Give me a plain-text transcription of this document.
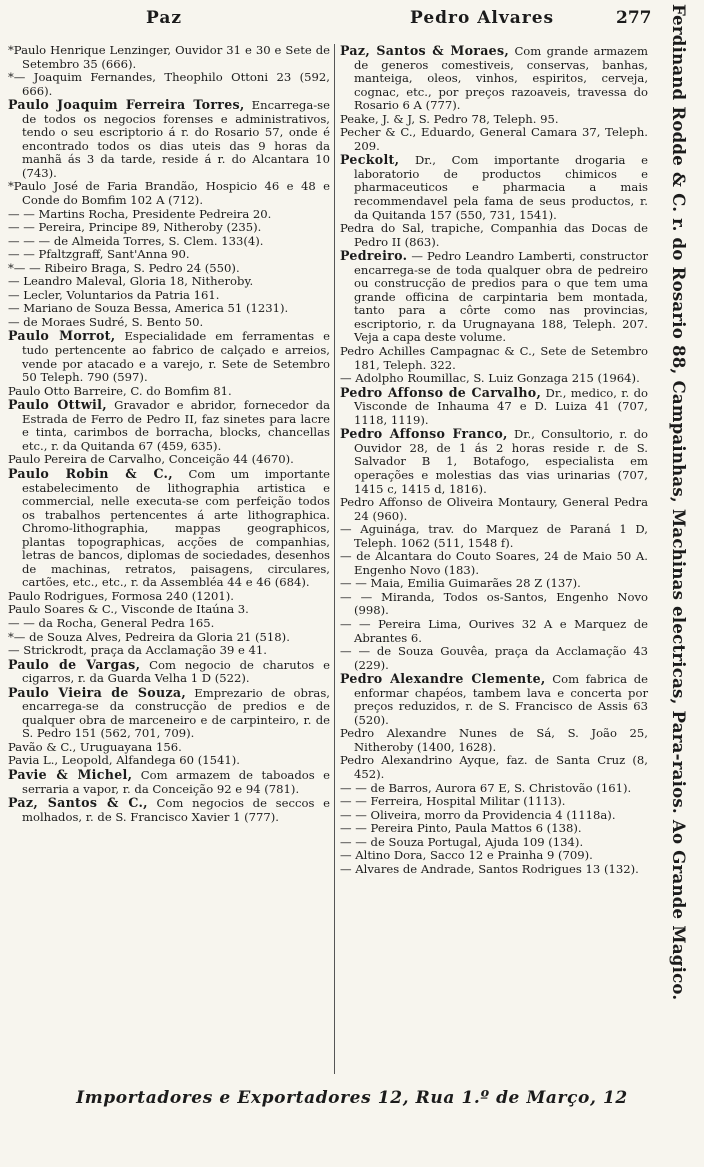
Paz	Pedro Alvares	277

*Paulo Henrique Lenzinger, Ouvidor 31 e 30 e Sete de Setembro 35 (666).

*— Joaquim Fernandes, Theophilo Ottoni 23 (592, 666).

Paulo Joaquim Ferreira Torres, Encarrega-se de todos os negocios forenses e administrativos, tendo o seu escriptorio á r. do Rosario 57, onde é encontrado todos os dias uteis das 9 horas da manhã ás 3 da tarde, reside á r. do Alcantara 10 (743).

*Paulo José de Faria Brandão, Hospicio 46 e 48 e Conde do Bomfim 102 A (712).

— — Martins Rocha, Presidente Pedreira 20.

— — Pereira, Principe 89, Nitheroby (235).

— — — de Almeida Torres, S. Clem. 133(4).

— — Pfaltzgraff, Sant'Anna 90.

*— — Ribeiro Braga, S. Pedro 24 (550).

— Leandro Maleval, Gloria 18, Nitheroby.

— Lecler, Voluntarios da Patria 161.

— Mariano de Souza Bessa, America 51 (1231).

— de Moraes Sudré, S. Bento 50.

Paulo Morrot, Especialidade em ferramentas e tudo pertencente ao fabrico de calçado e arreios, vende por atacado e a varejo, r. Sete de Setembro 50 Teleph. 790 (597).

Paulo Otto Barreire, C. do Bomfim 81.

Paulo Ottwil, Gravador e abridor, fornecedor da Estrada de Ferro de Pedro II, faz sinetes para lacre e tinta, carimbos de borracha, blocks, chancellas etc., r. da Quitanda 67 (459, 635).

Paulo Pereira de Carvalho, Conceição 44 (4670).

Paulo Robin & C., Com um importante estabelecimento de lithographia artistica e commercial, nelle executa-se com perfeição todos os trabalhos pertencentes á arte lithographica. Chromo-lithographia, mappas geographicos, plantas topographicas, acções de companhias, letras de bancos, diplomas de sociedades, desenhos de machinas, retratos, paisagens, circulares, cartões, etc., etc., r. da Assembléa 44 e 46 (684).

Paulo Rodrigues, Formosa 240 (1201).

Paulo Soares & C., Visconde de Itaúna 3.

— — da Rocha, General Pedra 165.

*— de Souza Alves, Pedreira da Gloria 21 (518).

— Strickrodt, praça da Acclamação 39 e 41.

Paulo de Vargas, Com negocio de charutos e cigarros, r. da Guarda Velha 1 D (522).

Paulo Vieira de Souza, Emprezario de obras, encarrega-se da construcção de predios e de qualquer obra de marceneiro e de carpinteiro, r. de S. Pedro 151 (562, 701, 709).

Pavão & C., Uruguayana 156.

Pavia L., Leopold, Alfandega 60 (1541).

Pavie & Michel, Com armazem de taboados e serraria a vapor, r. da Conceição 92 e 94 (781).

Paz, Santos & C., Com negocios de seccos e molhados, r. de S. Francisco Xavier 1 (777).

Paz, Santos & Moraes, Com grande armazem de generos comestiveis, conservas, banhas, manteiga, oleos, vinhos, espiritos, cerveja, cognac, etc., por preços razoaveis, travessa do Rosario 6 A (777).

Peake, J. & J, S. Pedro 78, Teleph. 95.

Pecher & C., Eduardo, General Camara 37, Teleph. 209.

Peckolt, Dr., Com importante drogaria e laboratorio de productos chimicos e pharmaceuticos e pharmacia a mais recommendavel pela fama de seus productos, r. da Quitanda 157 (550, 731, 1541).

Pedra do Sal, trapiche, Companhia das Docas de Pedro II (863).

Pedreiro. — Pedro Leandro Lamberti, constructor encarrega-se de toda qualquer obra de pedreiro ou construcção de predios para o que tem uma grande officina de carpintaria bem montada, tanto para a côrte como nas provincias, escriptorio, r. da Urugnayana 188, Teleph. 207. Veja a capa deste volume.

Pedro Achilles Campagnac & C., Sete de Setembro 181, Teleph. 322.

— Adolpho Roumillac, S. Luiz Gonzaga 215 (1964).

Pedro Affonso de Carvalho, Dr., medico, r. do Visconde de Inhauma 47 e D. Luiza 41 (707, 1118, 1119).

Pedro Affonso Franco, Dr., Consultorio, r. do Ouvidor 28, de 1 ás 2 horas reside r. de S. Salvador B 1, Botafogo, especialista em operações e molestias das vias urinarias (707, 1415 c, 1415 d, 1816).

Pedro Affonso de Oliveira Montaury, General Pedra 24 (960).

— Aguinága, trav. do Marquez de Paraná 1 D, Teleph. 1062 (511, 1548 f).

— de Alcantara do Couto Soares, 24 de Maio 50 A. Engenho Novo (183).

— — Maia, Emilia Guimarães 28 Z (137).

— — Miranda, Todos os-Santos, Engenho Novo (998).

— — Pereira Lima, Ourives 32 A e Marquez de Abrantes 6.

— — de Souza Gouvêa, praça da Acclamação 43 (229).

Pedro Alexandre Clemente, Com fabrica de enformar chapéos, tambem lava e concerta por preços reduzidos, r. de S. Francisco de Assis 63 (520).

Pedro Alexandre Nunes de Sá, S. João 25, Nitheroby (1400, 1628).

Pedro Alexandrino Ayque, faz. de Santa Cruz (8, 452).

— — de Barros, Aurora 67 E, S. Christovão (161).

— — Ferreira, Hospital Militar (1113).

— — Oliveira, morro da Providencia 4 (1118a).

— — Pereira Pinto, Paula Mattos 6 (138).

— — de Souza Portugal, Ajuda 109 (134).

— Altino Dora, Sacco 12 e Prainha 9 (709).

— Alvares de Andrade, Santos Rodrigues 13 (132).	Ferdinand Rodde & C. r. do Rosario 88, Campainhas, Machinas electricas, Para-raios. Ao Grande Magico.
Importadores e Exportadores 12, Rua 1.º de Março, 12
